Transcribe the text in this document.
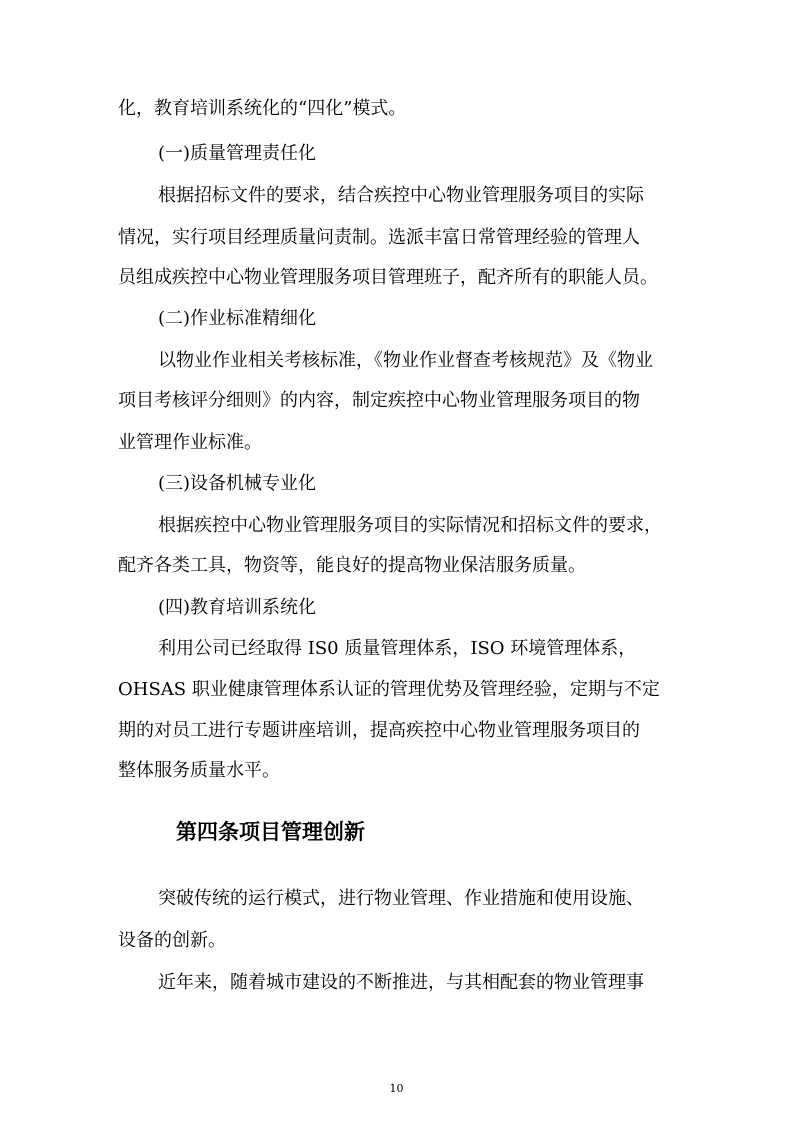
化，教育培训系统化的“四化”模式。
(一)质量管理责任化
根据招标文件的要求，结合疾控中心物业管理服务项目的实际
情况，实行项目经理质量问责制。选派丰富日常管理经验的管理人
员组成疾控中心物业管理服务项目管理班子，配齐所有的职能人员。
(二)作业标准精细化
以物业作业相关考核标准，《物业作业督查考核规范》及《物业
项目考核评分细则》的内容，制定疾控中心物业管理服务项目的物
业管理作业标准。
(三)设备机械专业化
根据疾控中心物业管理服务项目的实际情况和招标文件的要求，
配齐各类工具，物资等，能良好的提高物业保洁服务质量。
(四)教育培训系统化
利用公司已经取得 IS0 质量管理体系，ISO 环境管理体系，
OHSAS 职业健康管理体系认证的管理优势及管理经验，定期与不定
期的对员工进行专题讲座培训，提高疾控中心物业管理服务项目的
整体服务质量水平。
第四条项目管理创新
突破传统的运行模式，进行物业管理、作业措施和使用设施、
设备的创新。
近年来，随着城市建设的不断推进，与其相配套的物业管理事
10
